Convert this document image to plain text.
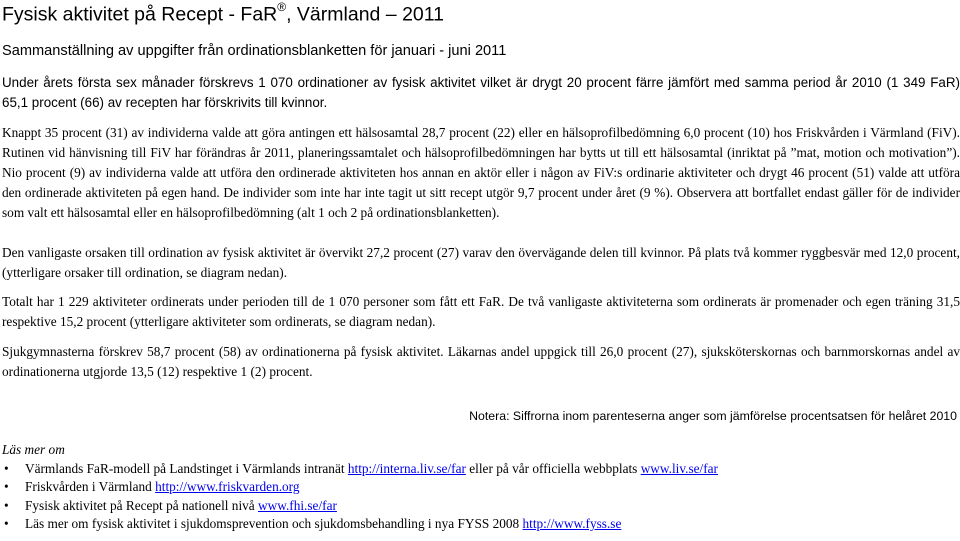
Fysisk aktivitet på Recept - FaR®, Värmland – 2011
Sammanställning av uppgifter från ordinationsblanketten för januari - juni 2011
Under årets första sex månader förskrevs 1 070 ordinationer av fysisk aktivitet vilket är drygt 20 procent färre jämfört med samma period år 2010 (1 349 FaR) 65,1 procent (66) av recepten har förskrivits till kvinnor.
Knappt 35 procent (31) av individerna valde att göra antingen ett hälsosamtal 28,7 procent (22) eller en hälsoprofilbedömning 6,0 procent (10) hos Friskvården i Värmland (FiV). Rutinen vid hänvisning till FiV har förändras år 2011, planeringssamtalet och hälsoprofilbedömningen har bytts ut till ett hälsosamtal (inriktat på ”mat, motion och motivation”). Nio procent (9) av individerna valde att utföra den ordinerade aktiviteten hos annan en aktör eller i någon av FiV:s ordinarie aktiviteter och drygt 46 procent (51) valde att utföra den ordinerade aktiviteten på egen hand. De individer som inte har inte tagit ut sitt recept utgör 9,7 procent under året (9 %). Observera att bortfallet endast gäller för de individer som valt ett hälsosamtal eller en hälsoprofilbedömning (alt 1 och 2 på ordinationsblanketten).
Den vanligaste orsaken till ordination av fysisk aktivitet är övervikt 27,2 procent (27) varav den övervägande delen till kvinnor. På plats två kommer ryggbesvär med 12,0 procent, (ytterligare orsaker till ordination, se diagram nedan).
Totalt har 1 229 aktiviteter ordinerats under perioden till de 1 070 personer som fått ett FaR. De två vanligaste aktiviteterna som ordinerats är promenader och egen träning 31,5 respektive 15,2 procent (ytterligare aktiviteter som ordinerats, se diagram nedan).
Sjukgymnasterna förskrev 58,7 procent (58) av ordinationerna på fysisk aktivitet. Läkarnas andel uppgick till 26,0 procent (27), sjuksköterskornas och barnmorskornas andel av ordinationerna utgjorde 13,5 (12) respektive 1 (2) procent.
Notera: Siffrorna inom parenteserna anger som jämförelse procentsatsen för helåret 2010
Läs mer om
• Värmlands FaR-modell på Landstinget i Värmlands intranät http://interna.liv.se/far eller på vår officiella webbplats www.liv.se/far
• Friskvården i Värmland http://www.friskvarden.org
• Fysisk aktivitet på Recept på nationell nivå www.fhi.se/far
• Läs mer om fysisk aktivitet i sjukdomsprevention och sjukdomsbehandling i nya FYSS 2008 http://www.fyss.se
